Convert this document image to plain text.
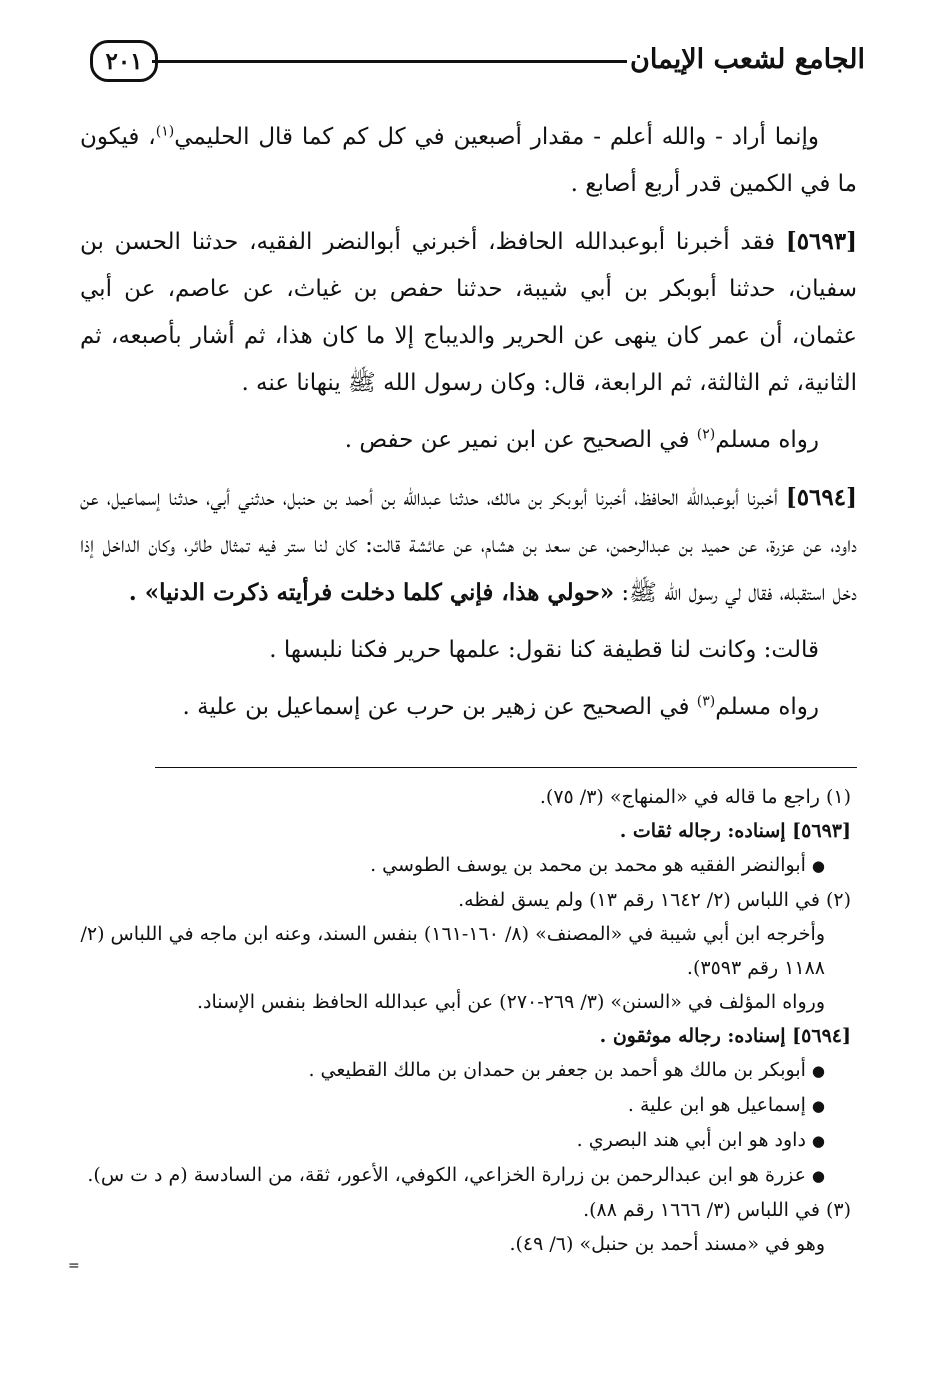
٢٠١	الجامع لشعب الإيمان

وإنما أراد - والله أعلم - مقدار أصبعين في كل كم كما قال الحليمي$^{(١)}$، فيكون ما في الكمين قدر أربع أصابع .

[٥٦٩٣] فقد أخبرنا أبوعبدالله الحافظ، أخبرني أبوالنضر الفقيه، حدثنا الحسن بن سفيان، حدثنا أبوبكر بن أبي شيبة، حدثنا حفص بن غياث، عن عاصم، عن أبي عثمان، أن عمر كان ينهى عن الحرير والديباج إلا ما كان هذا، ثم أشار بأصبعه، ثم الثانية، ثم الثالثة، ثم الرابعة، قال: وكان رسول الله ﷺ ينهانا عنه .

رواه مسلم$^{(٢)}$ في الصحيح عن ابن نمير عن حفص .

[٥٦٩٤] أخبرنا أبوعبدالله الحافظ، أخبرنا أبوبكر بن مالك، حدثنا عبدالله بن أحمد بن حنبل، حدثني أبي، حدثنا إسماعيل، عن داود، عن عزرة، عن حميد بن عبدالرحمن، عن سعد بن هشام، عن عائشة قالت: كان لنا ستر فيه تمثال طائر، وكان الداخل إذا دخل استقبله، فقال لي رسول الله ﷺ: «حولي هذا، فإني كلما دخلت فرأيته ذكرت الدنيا» .

قالت: وكانت لنا قطيفة كنا نقول: علمها حرير فكنا نلبسها .

رواه مسلم$^{(٣)}$ في الصحيح عن زهير بن حرب عن إسماعيل بن علية .

(١) راجع ما قاله في «المنهاج» (٣/ ٧٥).

[٥٦٩٣] إسناده: رجاله ثقات .

●أبوالنضر الفقيه هو محمد بن محمد بن يوسف الطوسي .

(٢) في اللباس (٢/ ١٦٤٢ رقم ١٣) ولم يسق لفظه.

وأخرجه ابن أبي شيبة في «المصنف» (٨/ ١٦٠-١٦١) بنفس السند، وعنه ابن ماجه في اللباس (٢/ ١١٨٨ رقم ٣٥٩٣).

ورواه المؤلف في «السنن» (٣/ ٢٦٩-٢٧٠) عن أبي عبدالله الحافظ بنفس الإسناد.

[٥٦٩٤] إسناده: رجاله موثقون .

●أبوبكر بن مالك هو أحمد بن جعفر بن حمدان بن مالك القطيعي .

●إسماعيل هو ابن علية .

●داود هو ابن أبي هند البصري .

●عزرة هو ابن عبدالرحمن بن زرارة الخزاعي، الكوفي، الأعور، ثقة، من السادسة (م د ت س).

(٣) في اللباس (٣/ ١٦٦٦ رقم ٨٨).

وهو في «مسند أحمد بن حنبل» (٦/ ٤٩).

=
